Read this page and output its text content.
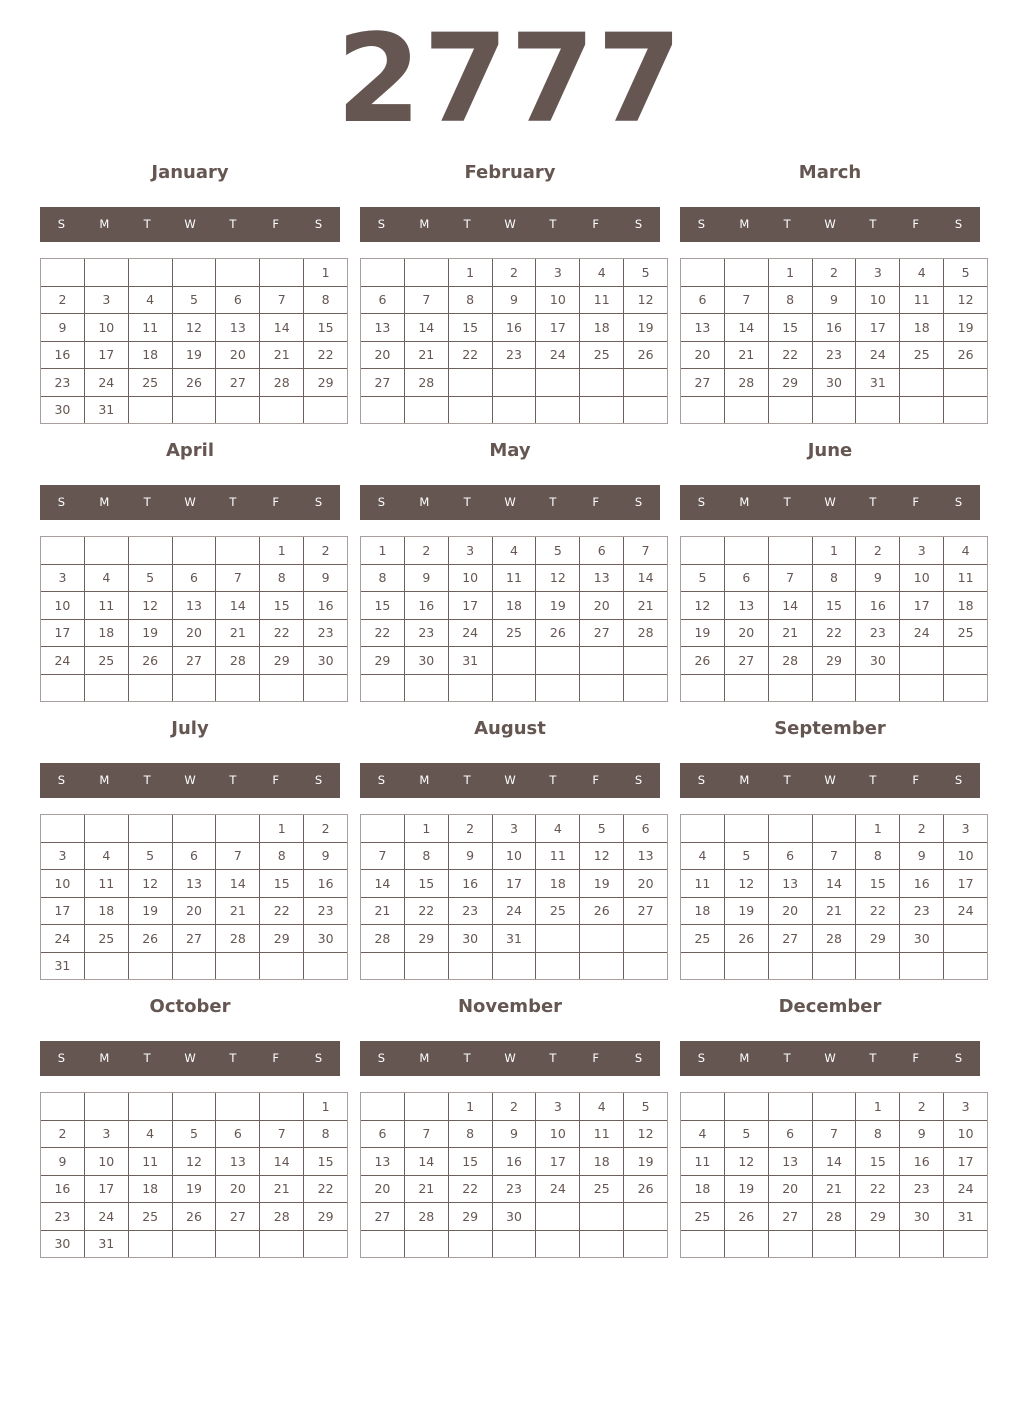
2777
January
S	M	T	W	T	F	S
						1
2	3	4	5	6	7	8
9	10	11	12	13	14	15
16	17	18	19	20	21	22
23	24	25	26	27	28	29
30	31					
February
S	M	T	W	T	F	S
		1	2	3	4	5
6	7	8	9	10	11	12
13	14	15	16	17	18	19
20	21	22	23	24	25	26
27	28					

March
S	M	T	W	T	F	S
		1	2	3	4	5
6	7	8	9	10	11	12
13	14	15	16	17	18	19
20	21	22	23	24	25	26
27	28	29	30	31		

April
S	M	T	W	T	F	S
					1	2
3	4	5	6	7	8	9
10	11	12	13	14	15	16
17	18	19	20	21	22	23
24	25	26	27	28	29	30

May
S	M	T	W	T	F	S
1	2	3	4	5	6	7
8	9	10	11	12	13	14
15	16	17	18	19	20	21
22	23	24	25	26	27	28
29	30	31				

June
S	M	T	W	T	F	S
			1	2	3	4
5	6	7	8	9	10	11
12	13	14	15	16	17	18
19	20	21	22	23	24	25
26	27	28	29	30		

July
S	M	T	W	T	F	S
					1	2
3	4	5	6	7	8	9
10	11	12	13	14	15	16
17	18	19	20	21	22	23
24	25	26	27	28	29	30
31						
August
S	M	T	W	T	F	S
	1	2	3	4	5	6
7	8	9	10	11	12	13
14	15	16	17	18	19	20
21	22	23	24	25	26	27
28	29	30	31			

September
S	M	T	W	T	F	S
				1	2	3
4	5	6	7	8	9	10
11	12	13	14	15	16	17
18	19	20	21	22	23	24
25	26	27	28	29	30	

October
S	M	T	W	T	F	S
						1
2	3	4	5	6	7	8
9	10	11	12	13	14	15
16	17	18	19	20	21	22
23	24	25	26	27	28	29
30	31					
November
S	M	T	W	T	F	S
		1	2	3	4	5
6	7	8	9	10	11	12
13	14	15	16	17	18	19
20	21	22	23	24	25	26
27	28	29	30			

December
S	M	T	W	T	F	S
				1	2	3
4	5	6	7	8	9	10
11	12	13	14	15	16	17
18	19	20	21	22	23	24
25	26	27	28	29	30	31
